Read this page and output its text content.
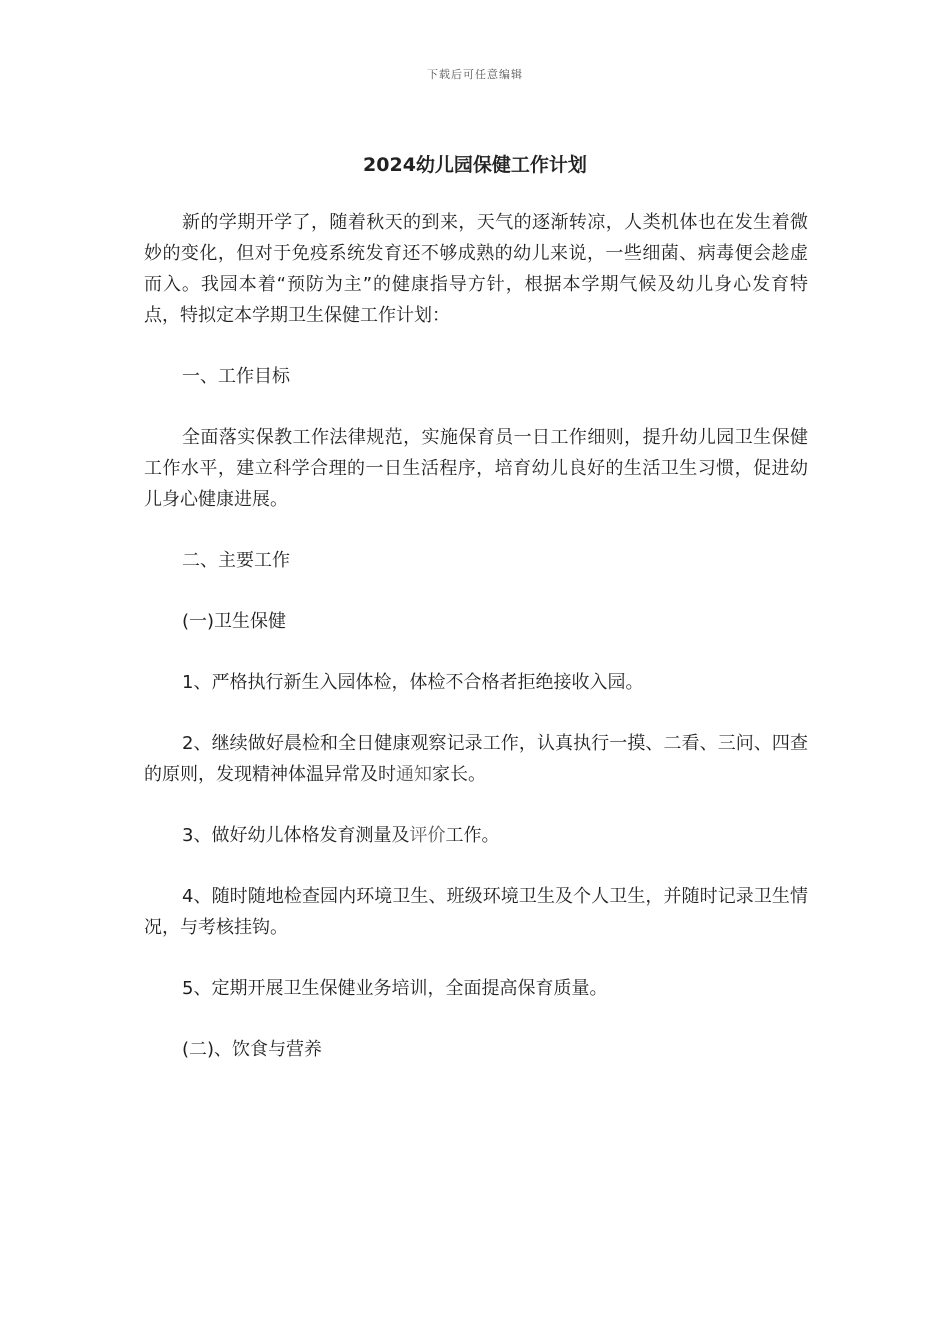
下载后可任意编辑
2024幼儿园保健工作计划

新的学期开学了，随着秋天的到来，天气的逐渐转凉，人类机体也在发生着微妙的变化，但对于免疫系统发育还不够成熟的幼儿来说，一些细菌、病毒便会趁虚而入。我园本着“预防为主”的健康指导方针，根据本学期气候及幼儿身心发育特点，特拟定本学期卫生保健工作计划：

一、工作目标

全面落实保教工作法律规范，实施保育员一日工作细则，提升幼儿园卫生保健工作水平，建立科学合理的一日生活程序，培育幼儿良好的生活卫生习惯，促进幼儿身心健康进展。

二、主要工作

(一)卫生保健

1、严格执行新生入园体检，体检不合格者拒绝接收入园。

2、继续做好晨检和全日健康观察记录工作，认真执行一摸、二看、三问、四查的原则，发现精神体温异常及时通知家长。

3、做好幼儿体格发育测量及评价工作。

4、随时随地检查园内环境卫生、班级环境卫生及个人卫生，并随时记录卫生情况，与考核挂钩。

5、定期开展卫生保健业务培训，全面提高保育质量。

(二)、饮食与营养
